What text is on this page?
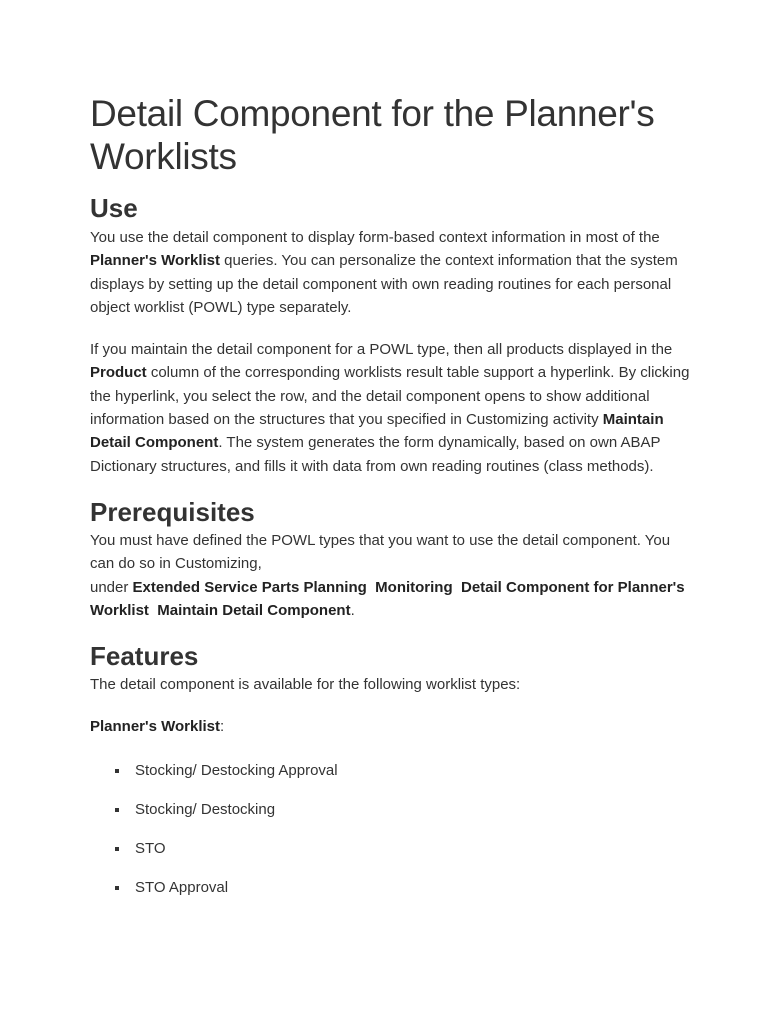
Detail Component for the Planner's Worklists
Use

You use the detail component to display form-based context information in most of the Planner's Worklist queries. You can personalize the context information that the system displays by setting up the detail component with own reading routines for each personal object worklist (POWL) type separately.

If you maintain the detail component for a POWL type, then all products displayed in the Product column of the corresponding worklists result table support a hyperlink. By clicking the hyperlink, you select the row, and the detail component opens to show additional information based on the structures that you specified in Customizing activity Maintain Detail Component. The system generates the form dynamically, based on own ABAP Dictionary structures, and fills it with data from own reading routines (class methods).

Prerequisites

You must have defined the POWL types that you want to use the detail component. You can do so in Customizing,
under Extended Service Parts Planning Monitoring Detail Component for Planner's Worklist Maintain Detail Component.

Features

The detail component is available for the following worklist types:

Planner's Worklist:

Stocking/ Destocking Approval
Stocking/ Destocking
STO
STO Approval
